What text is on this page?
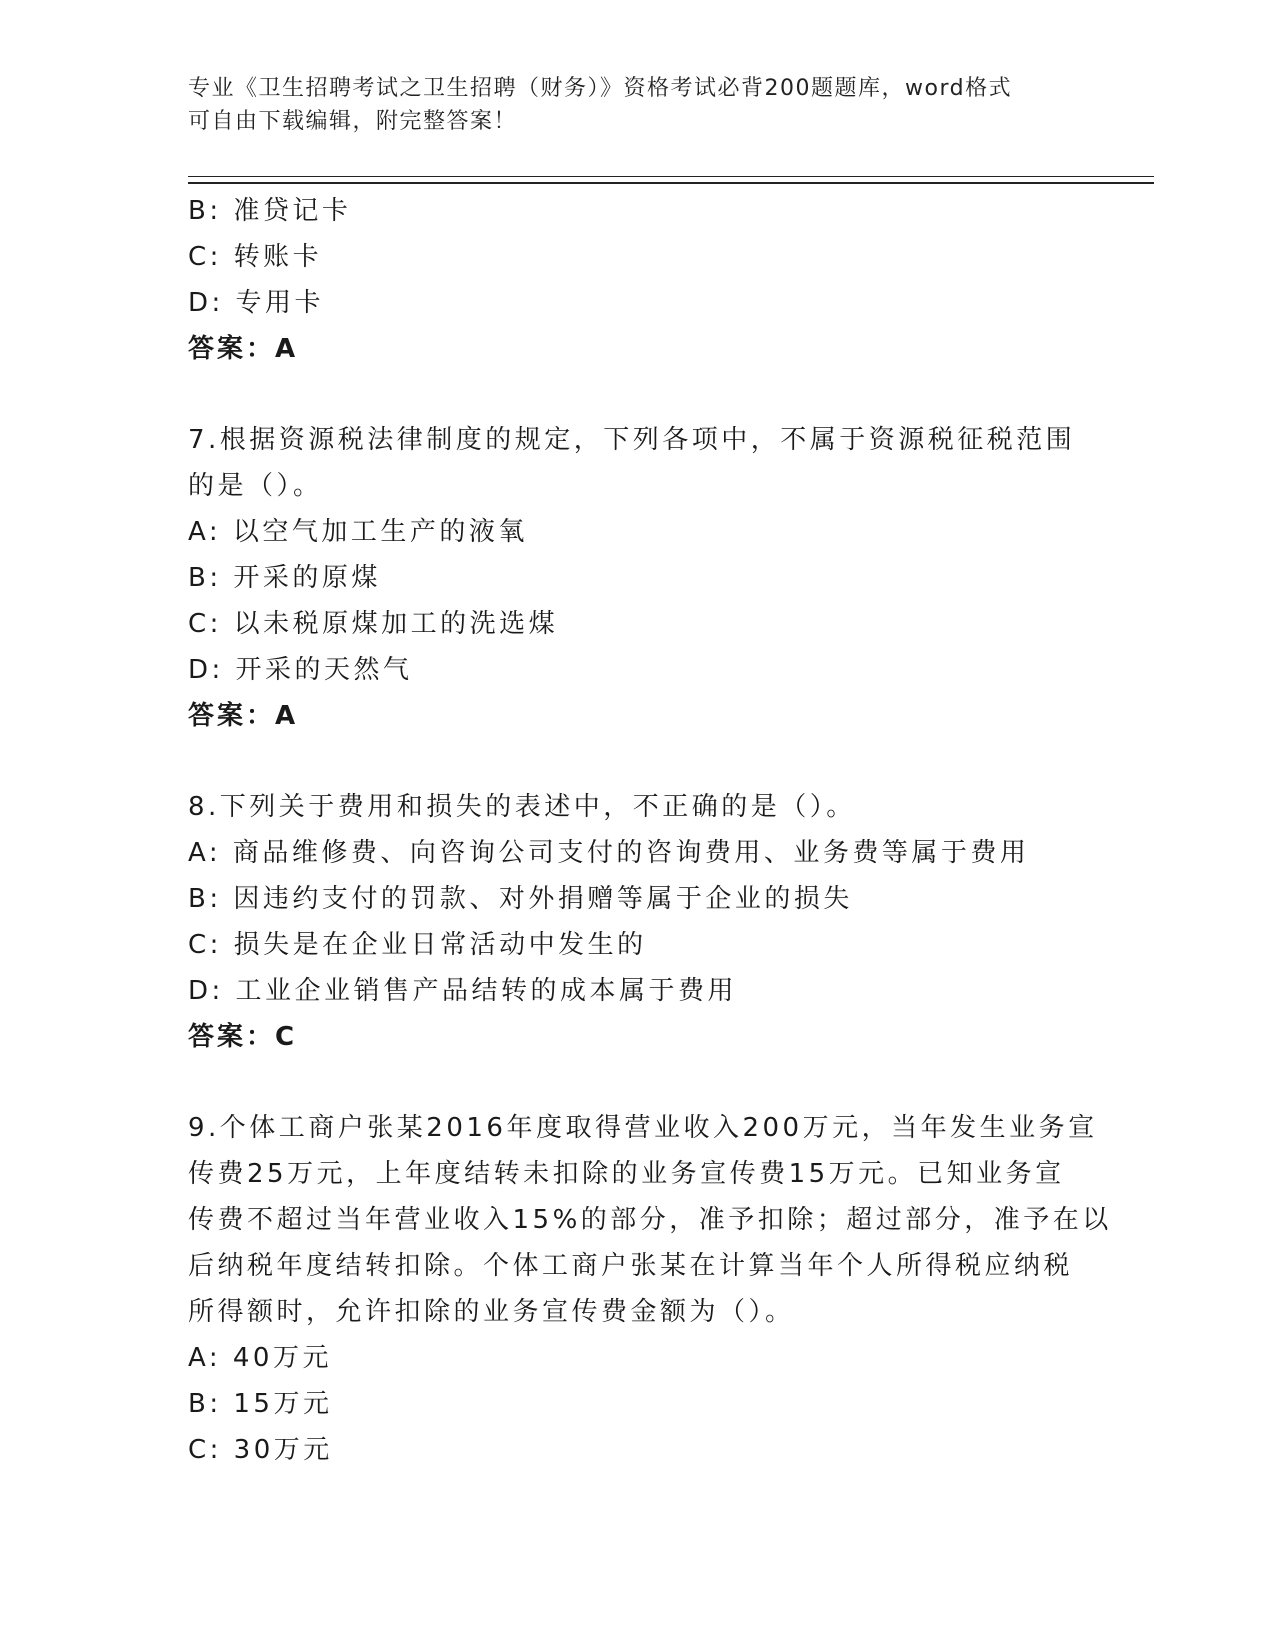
专业《卫生招聘考试之卫生招聘（财务）》资格考试必背200题题库，word格式
可自由下载编辑，附完整答案！
B: 准贷记卡
C: 转账卡
D: 专用卡
答案：A
7.根据资源税法律制度的规定，下列各项中，不属于资源税征税范围
的是（）。
A: 以空气加工生产的液氧
B: 开采的原煤
C: 以未税原煤加工的洗选煤
D: 开采的天然气
答案：A
8.下列关于费用和损失的表述中，不正确的是（）。
A: 商品维修费、向咨询公司支付的咨询费用、业务费等属于费用
B: 因违约支付的罚款、对外捐赠等属于企业的损失
C: 损失是在企业日常活动中发生的
D: 工业企业销售产品结转的成本属于费用
答案：C
9.个体工商户张某2016年度取得营业收入200万元，当年发生业务宣
传费25万元，上年度结转未扣除的业务宣传费15万元。已知业务宣
传费不超过当年营业收入15%的部分，准予扣除；超过部分，准予在以
后纳税年度结转扣除。个体工商户张某在计算当年个人所得税应纳税
所得额时，允许扣除的业务宣传费金额为（）。
A: 40万元
B: 15万元
C: 30万元
